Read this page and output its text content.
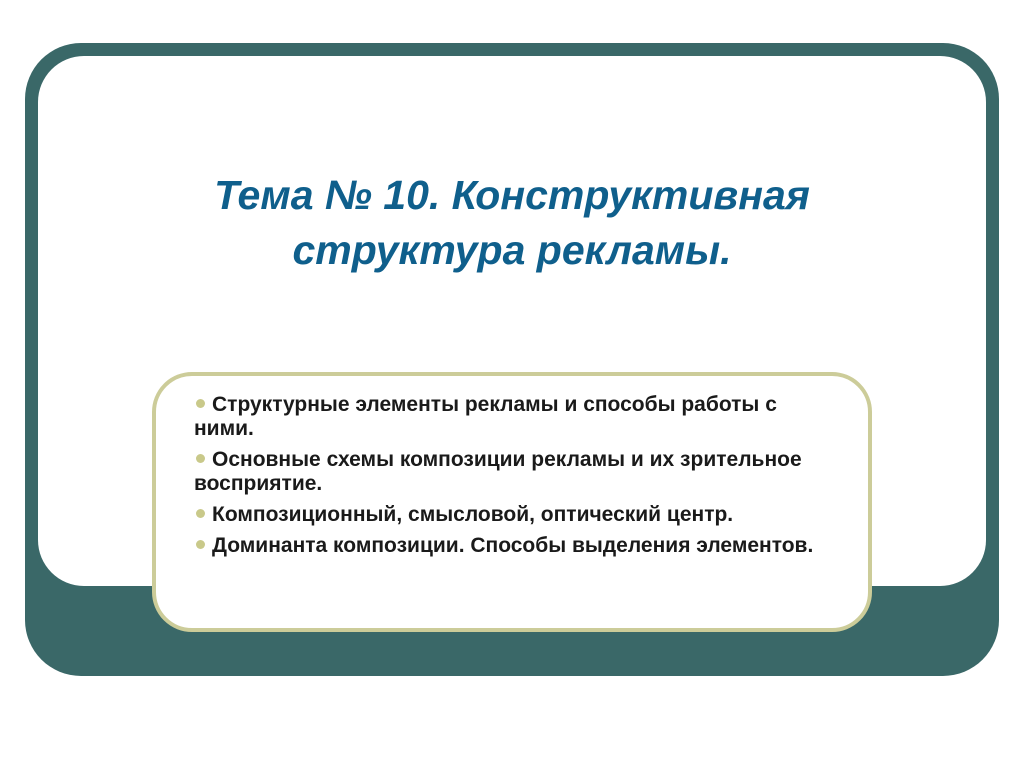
Тема № 10. Конструктивная
структура рекламы.
Структурные элементы рекламы и способы работы с ними.
Основные схемы композиции рекламы и их зрительное восприятие.
Композиционный, смысловой, оптический центр.
Доминанта композиции. Способы выделения элементов.
